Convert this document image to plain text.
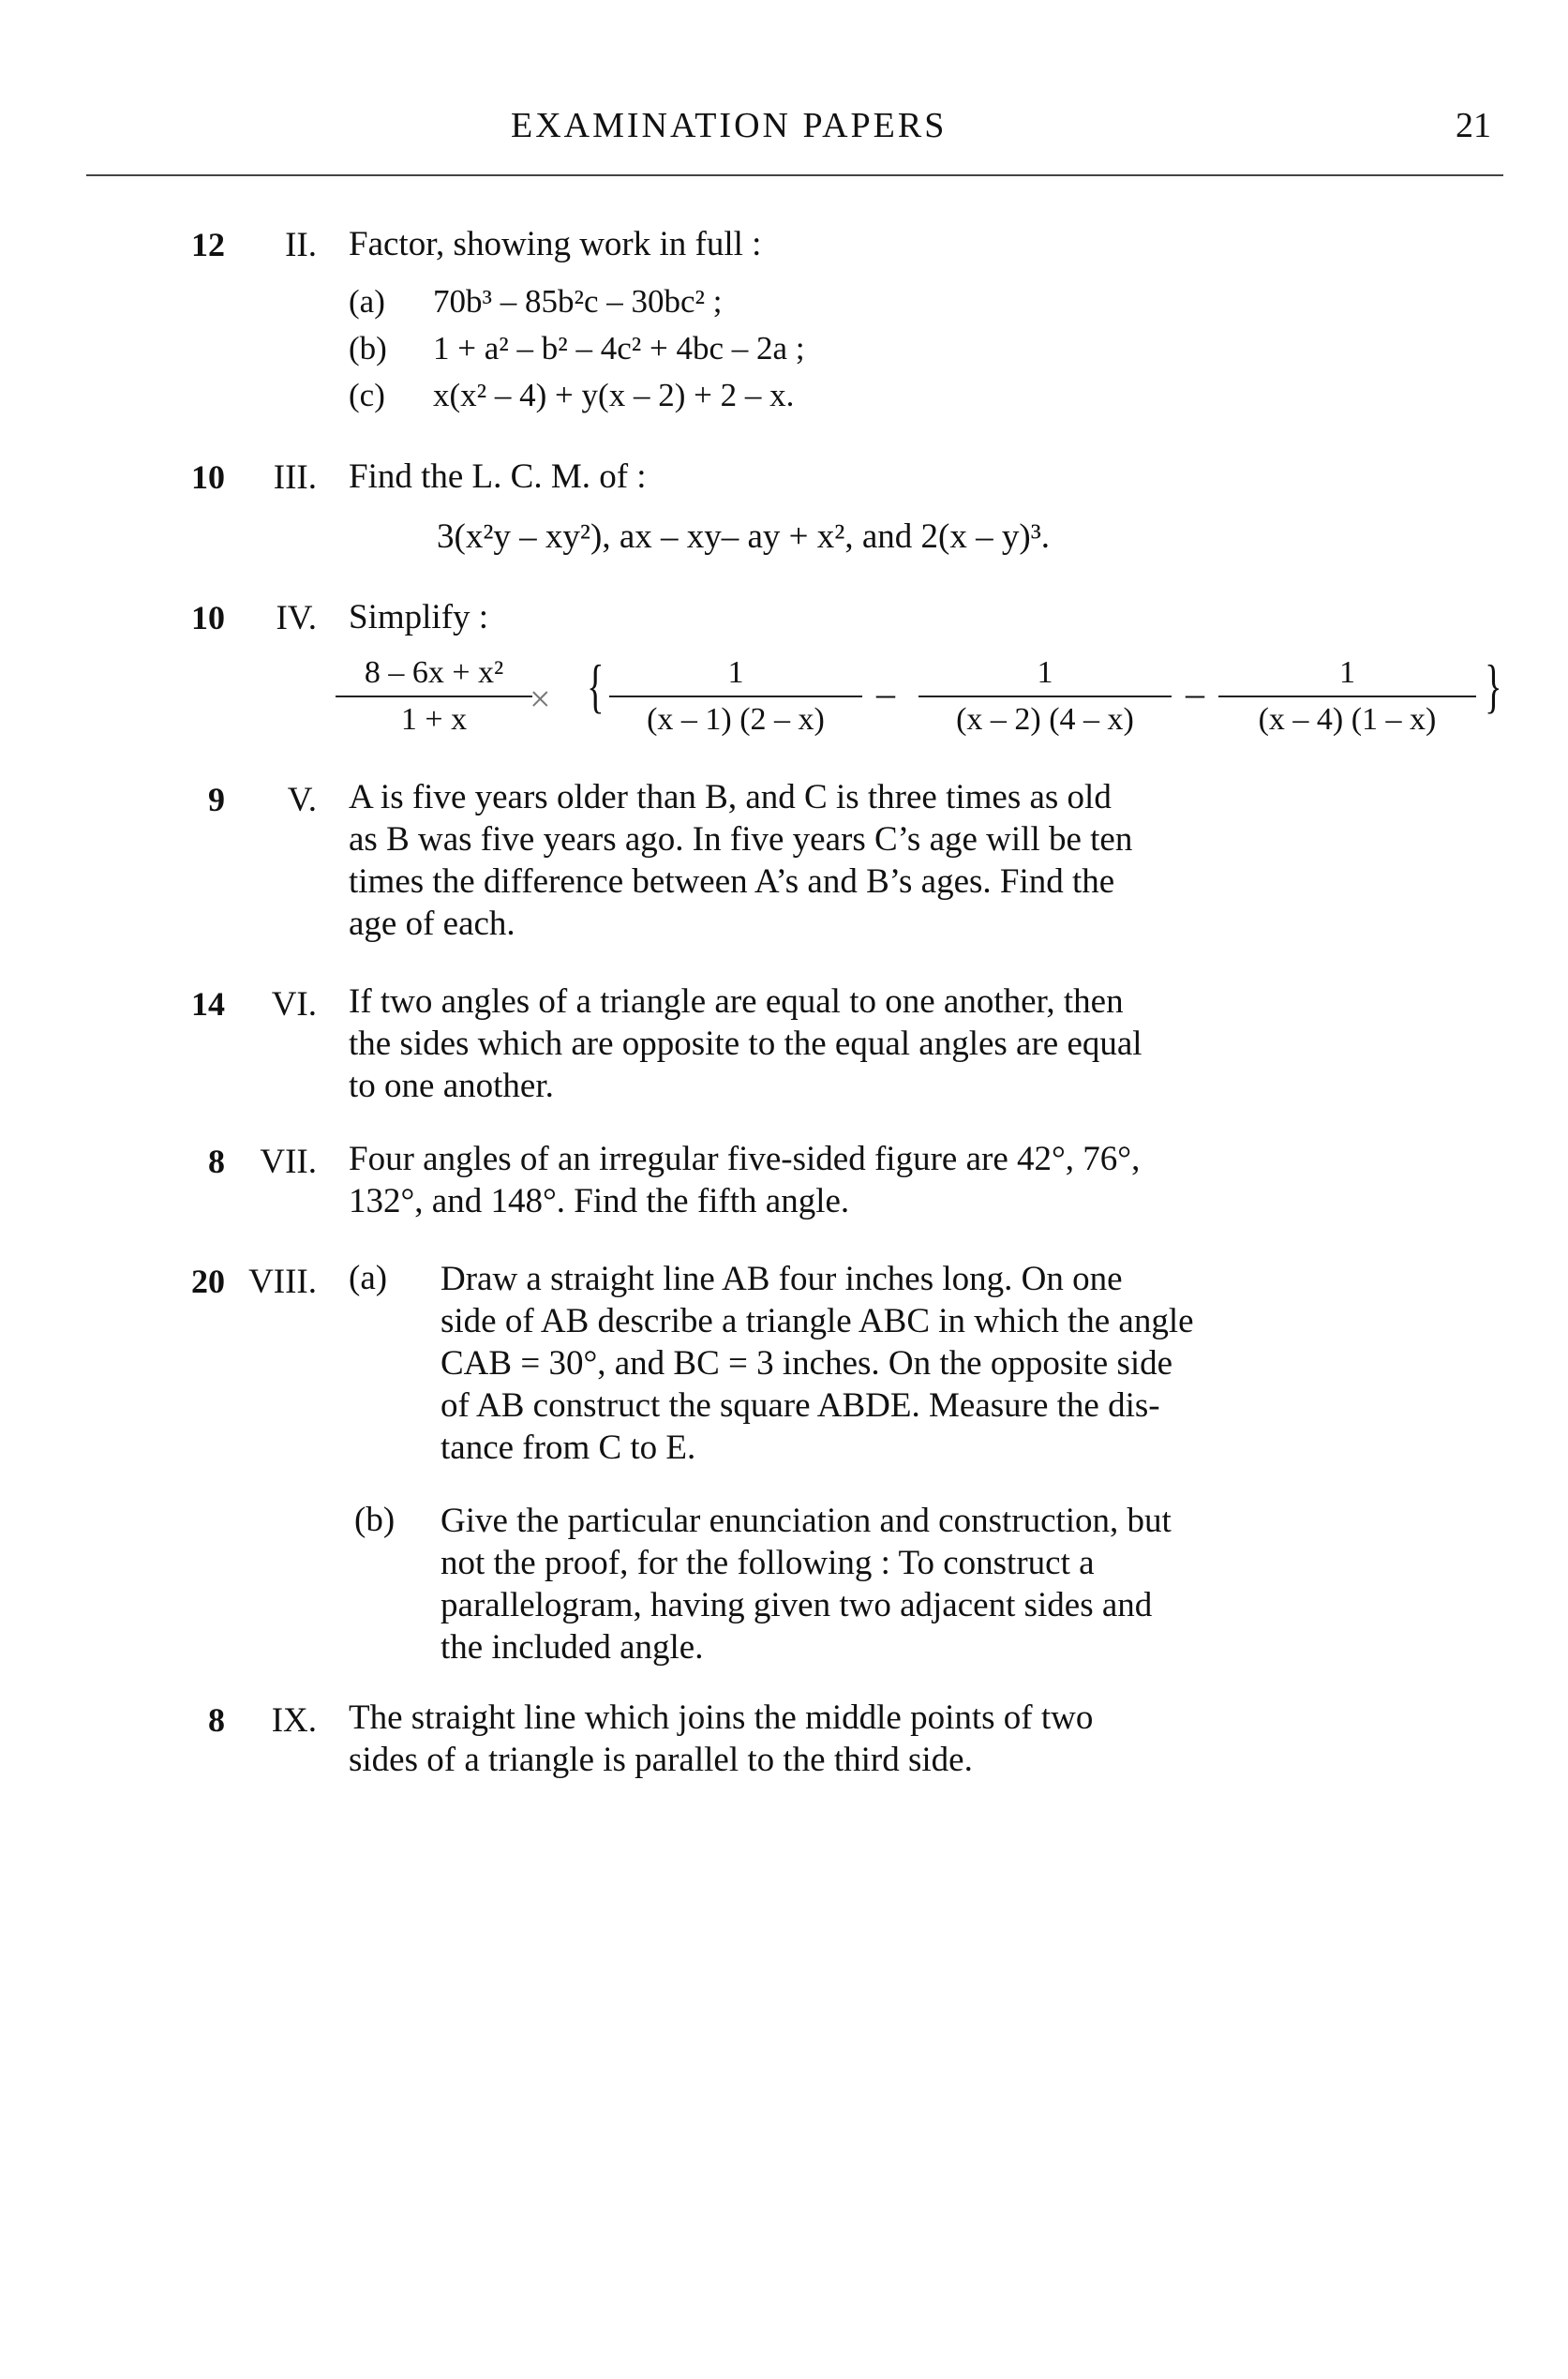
EXAMINATION PAPERS	21
12	II. Factor, showing work in full :
(a) 70b³ – 85b²c – 30bc² ;
(b) 1 + a² – b² – 4c² + 4bc – 2a ;
(c) x(x² – 4) + y(x – 2) + 2 – x.
10	III. Find the L. C. M. of :
3(x²y – xy²), ax – xy– ay + x², and 2(x – y)³.
10	IV. Simplify :
8 – 6x + x²
1 + x	× {	1
(x – 1) (2 – x)
–	1
(x – 2) (4 – x)
–	1
(x – 4) (1 – x)
}
9	V. A is five years older than B, and C is three times as old
as B was five years ago. In five years C’s age will be ten
times the difference between A’s and B’s ages. Find the
age of each.
14	VI. If two angles of a triangle are equal to one another, then
the sides which are opposite to the equal angles are equal
to one another.
8	VII. Four angles of an irregular five-sided figure are 42°, 76°,
132°, and 148°. Find the fifth angle.
20 VIII. (a) Draw a straight line AB four inches long. On one
side of AB describe a triangle ABC in which the angle
CAB = 30°, and BC = 3 inches. On the opposite side
of AB construct the square ABDE. Measure the dis-
tance from C to E.
(b) Give the particular enunciation and construction, but
not the proof, for the following : To construct a
parallelogram, having given two adjacent sides and
the included angle.
8	IX. The straight line which joins the middle points of two
sides of a triangle is parallel to the third side.
